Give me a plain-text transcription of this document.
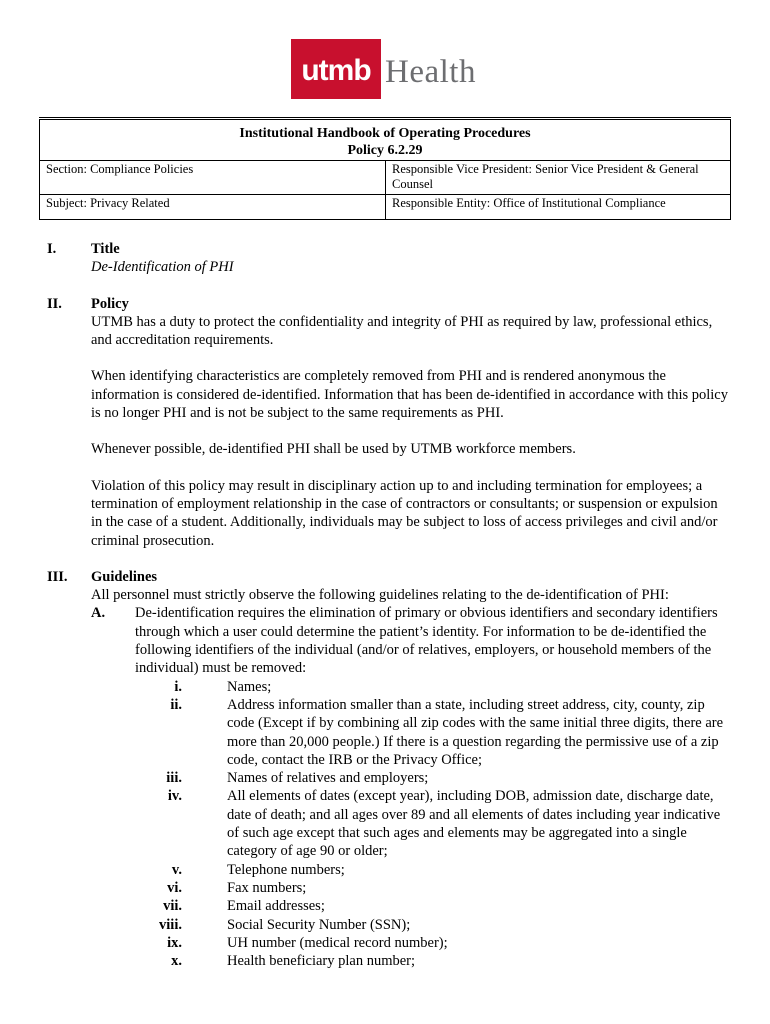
utmb Health
Institutional Handbook of Operating Procedures
Policy 6.2.29
Section: Compliance Policies	Responsible Vice President: Senior Vice President & General Counsel
Subject: Privacy Related	Responsible Entity: Office of Institutional Compliance
I. Title
De-Identification of PHI
II. Policy

UTMB has a duty to protect the confidentiality and integrity of PHI as required by law, professional ethics, and accreditation requirements.

When identifying characteristics are completely removed from PHI and is rendered anonymous the information is considered de-identified. Information that has been de-identified in accordance with this policy is no longer PHI and is not be subject to the same requirements as PHI.

Whenever possible, de-identified PHI shall be used by UTMB workforce members.

Violation of this policy may result in disciplinary action up to and including termination for employees; a termination of employment relationship in the case of contractors or consultants; or suspension or expulsion in the case of a student. Additionally, individuals may be subject to loss of access privileges and civil and/or criminal prosecution.

III. Guidelines

All personnel must strictly observe the following guidelines relating to the de-identification of PHI:

A. De-identification requires the elimination of primary or obvious identifiers and secondary identifiers through which a user could determine the patient’s identity. For information to be de-identified the following identifiers of the individual (and/or of relatives, employers, or household members of the individual) must be removed:

i.	Names;
ii.	Address information smaller than a state, including street address, city, county, zip code (Except if by combining all zip codes with the same initial three digits, there are more than 20,000 people.) If there is a question regarding the permissive use of a zip code, contact the IRB or the Privacy Office;
iii.	Names of relatives and employers;
iv.	All elements of dates (except year), including DOB, admission date, discharge date, date of death; and all ages over 89 and all elements of dates including year indicative of such age except that such ages and elements may be aggregated into a single category of age 90 or older;
v.	Telephone numbers;
vi.	Fax numbers;
vii.	Email addresses;
viii.	Social Security Number (SSN);
ix.	UH number (medical record number);
x.	Health beneficiary plan number;
